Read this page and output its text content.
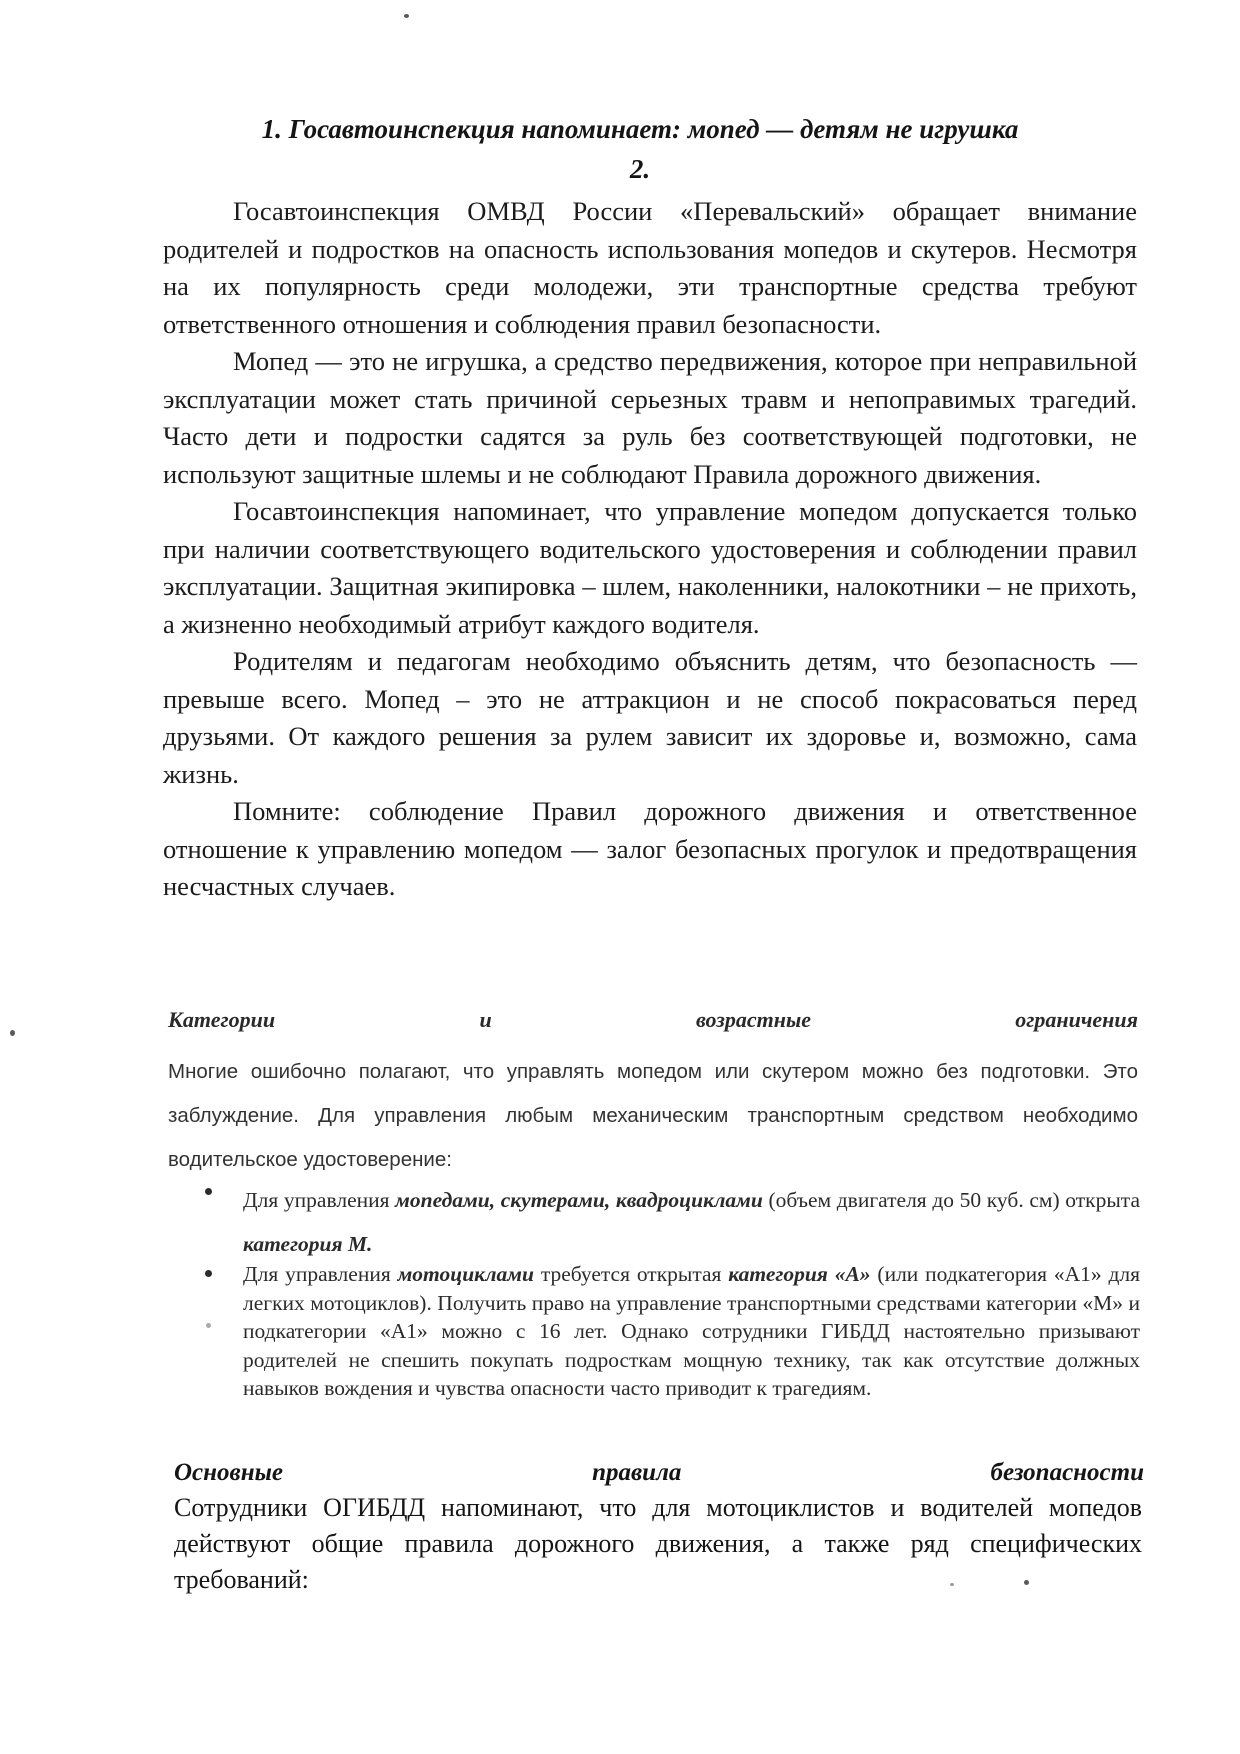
1. Госавтоинспекция напоминает: мопед — детям не игрушка
2.

Госавтоинспекция ОМВД России «Перевальский» обращает внимание родителей и подростков на опасность использования мопедов и скутеров. Несмотря на их популярность среди молодежи, эти транспортные средства требуют ответственного отношения и соблюдения правил безопасности.

Мопед — это не игрушка, а средство передвижения, которое при неправильной эксплуатации может стать причиной серьезных травм и непоправимых трагедий. Часто дети и подростки садятся за руль без соответствующей подготовки, не используют защитные шлемы и не соблюдают Правила дорожного движения.

Госавтоинспекция напоминает, что управление мопедом допускается только при наличии соответствующего водительского удостоверения и соблюдении правил эксплуатации. Защитная экипировка – шлем, наколенники, налокотники – не прихоть, а жизненно необходимый атрибут каждого водителя.

Родителям и педагогам необходимо объяснить детям, что безопасность — превыше всего. Мопед – это не аттракцион и не способ покрасоваться перед друзьями. От каждого решения за рулем зависит их здоровье и, возможно, сама жизнь.

Помните: соблюдение Правил дорожного движения и ответственное отношение к управлению мопедом — залог безопасных прогулок и предотвращения несчастных случаев.

Категории	и	возрастные	ограничения

Многие ошибочно полагают, что управлять мопедом или скутером можно без подготовки. Это заблуждение. Для управления любым механическим транспортным средством необходимо водительское удостоверение:

Для управления мопедами, скутерами, квадроциклами (объем двигателя до 50 куб. см) открыта категория М.
Для управления мотоциклами требуется открытая категория «А» (или подкатегория «А1» для легких мотоциклов). Получить право на управление транспортными средствами категории «М» и подкатегории «А1» можно с 16 лет. Однако сотрудники ГИБДД настоятельно призывают родителей не спешить покупать подросткам мощную технику, так как отсутствие должных навыков вождения и чувства опасности часто приводит к трагедиям.
Основные	правила	безопасности
Сотрудники ОГИБДД напоминают, что для мотоциклистов и водителей мопедов действуют общие правила дорожного движения, а также ряд специфических требований:
